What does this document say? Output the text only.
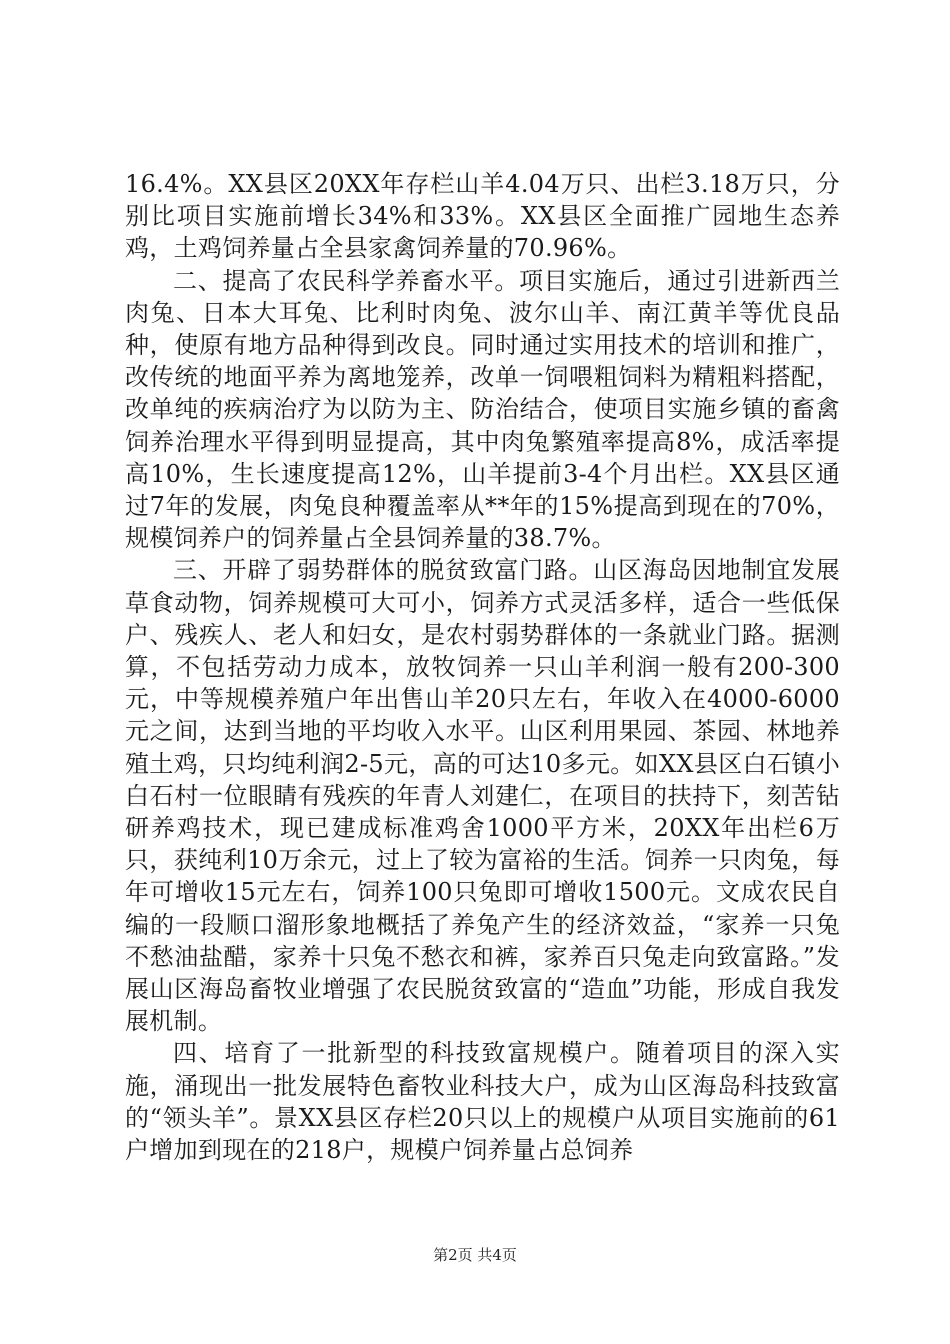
16.4%。XX县区20XX年存栏山羊4.04万只、出栏3.18万只，分别比项目实施前增长34%和33%。XX县区全面推广园地生态养鸡，土鸡饲养量占全县家禽饲养量的70.96%。

二、提高了农民科学养畜水平。项目实施后，通过引进新西兰肉兔、日本大耳兔、比利时肉兔、波尔山羊、南江黄羊等优良品种，使原有地方品种得到改良。同时通过实用技术的培训和推广，改传统的地面平养为离地笼养，改单一饲喂粗饲料为精粗料搭配，改单纯的疾病治疗为以防为主、防治结合，使项目实施乡镇的畜禽饲养治理水平得到明显提高，其中肉兔繁殖率提高8%，成活率提高10%，生长速度提高12%，山羊提前3-4个月出栏。XX县区通过7年的发展，肉兔良种覆盖率从**年的15%提高到现在的70%，规模饲养户的饲养量占全县饲养量的38.7%。

三、开辟了弱势群体的脱贫致富门路。山区海岛因地制宜发展草食动物，饲养规模可大可小，饲养方式灵活多样，适合一些低保户、残疾人、老人和妇女，是农村弱势群体的一条就业门路。据测算，不包括劳动力成本，放牧饲养一只山羊利润一般有200-300元，中等规模养殖户年出售山羊20只左右，年收入在4000-6000元之间，达到当地的平均收入水平。山区利用果园、茶园、林地养殖土鸡，只均纯利润2-5元，高的可达10多元。如XX县区白石镇小白石村一位眼睛有残疾的年青人刘建仁，在项目的扶持下，刻苦钻研养鸡技术，现已建成标准鸡舍1000平方米，20XX年出栏6万只，获纯利10万余元，过上了较为富裕的生活。饲养一只肉兔，每年可增收15元左右，饲养100只兔即可增收1500元。文成农民自编的一段顺口溜形象地概括了养兔产生的经济效益，“家养一只兔不愁油盐醋，家养十只兔不愁衣和裤，家养百只兔走向致富路。”发展山区海岛畜牧业增强了农民脱贫致富的“造血”功能，形成自我发展机制。

四、培育了一批新型的科技致富规模户。随着项目的深入实施，涌现出一批发展特色畜牧业科技大户，成为山区海岛科技致富的“领头羊”。景XX县区存栏20只以上的规模户从项目实施前的61户增加到现在的218户，规模户饲养量占总饲养

第2页 共4页
